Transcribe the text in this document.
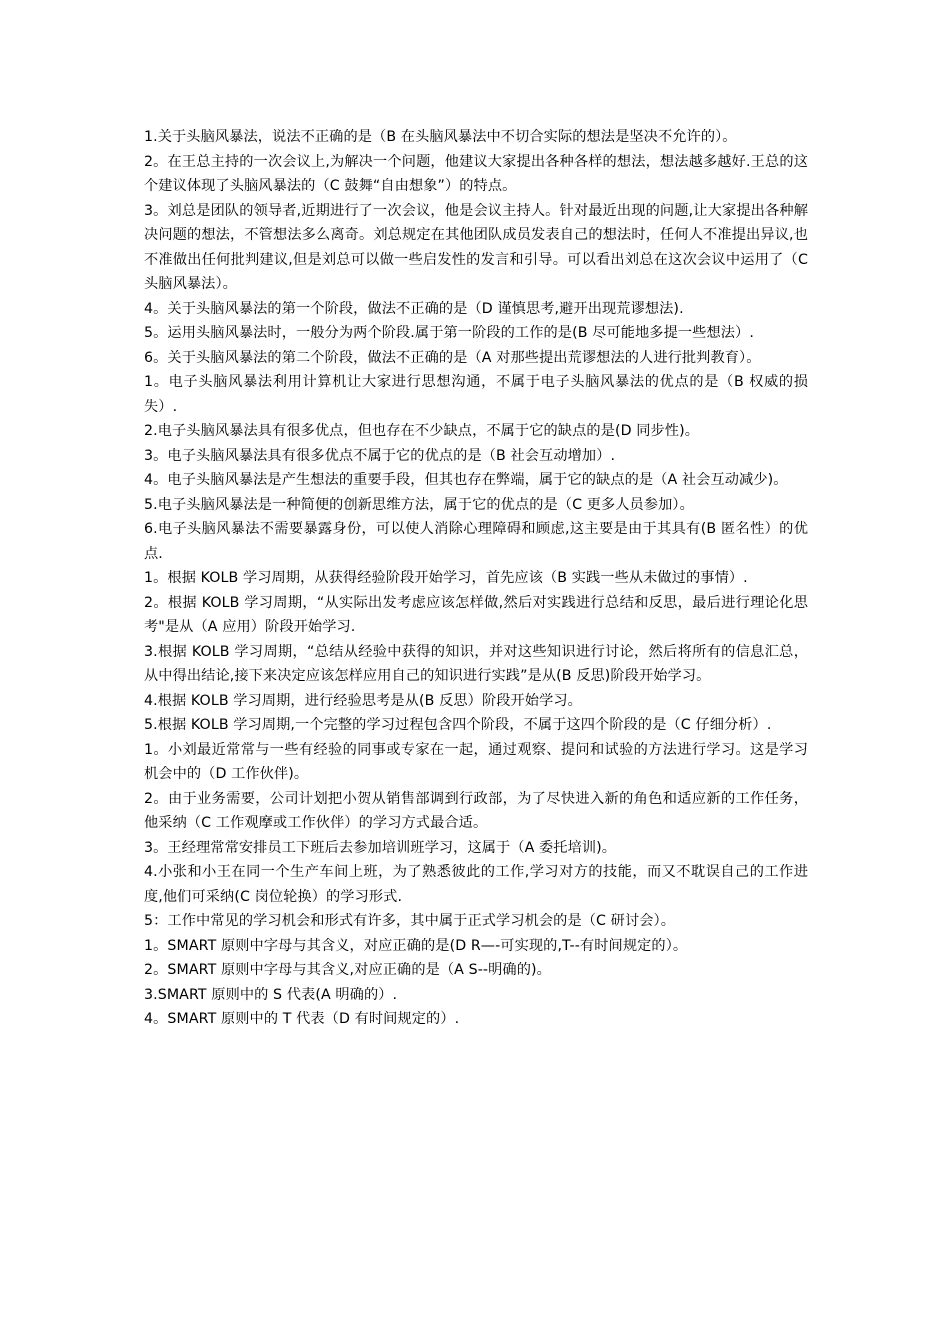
1.关于头脑风暴法，说法不正确的是（B 在头脑风暴法中不切合实际的想法是坚决不允许的）。

2。在王总主持的一次会议上,为解决一个问题，他建议大家提出各种各样的想法，想法越多越好.王总的这个建议体现了头脑风暴法的（C 鼓舞“自由想象”）的特点。

3。刘总是团队的领导者,近期进行了一次会议，他是会议主持人。针对最近出现的问题,让大家提出各种解决问题的想法，不管想法多么离奇。刘总规定在其他团队成员发表自己的想法时，任何人不准提出异议,也不准做出任何批判建议,但是刘总可以做一些启发性的发言和引导。可以看出刘总在这次会议中运用了（C 头脑风暴法）。

4。关于头脑风暴法的第一个阶段，做法不正确的是（D 谨慎思考,避开出现荒谬想法).

5。运用头脑风暴法时，一般分为两个阶段.属于第一阶段的工作的是(B 尽可能地多提一些想法）.

6。关于头脑风暴法的第二个阶段，做法不正确的是（A 对那些提出荒谬想法的人进行批判教育）。

1。电子头脑风暴法利用计算机让大家进行思想沟通，不属于电子头脑风暴法的优点的是（B 权威的损失）.

2.电子头脑风暴法具有很多优点，但也存在不少缺点，不属于它的缺点的是(D 同步性)。

3。电子头脑风暴法具有很多优点不属于它的优点的是（B 社会互动增加）.

4。电子头脑风暴法是产生想法的重要手段，但其也存在弊端，属于它的缺点的是（A 社会互动减少)。

5.电子头脑风暴法是一种简便的创新思维方法，属于它的优点的是（C 更多人员参加）。

6.电子头脑风暴法不需要暴露身份，可以使人消除心理障碍和顾虑,这主要是由于其具有(B 匿名性）的优点.

1。根据 KOLB 学习周期，从获得经验阶段开始学习，首先应该（B 实践一些从未做过的事情）.

2。根据 KOLB 学习周期，“从实际出发考虑应该怎样做,然后对实践进行总结和反思，最后进行理论化思考"是从（A 应用）阶段开始学习.

3.根据 KOLB 学习周期，“总结从经验中获得的知识，并对这些知识进行讨论，然后将所有的信息汇总，从中得出结论,接下来决定应该怎样应用自己的知识进行实践”是从(B 反思)阶段开始学习。

4.根据 KOLB 学习周期，进行经验思考是从(B 反思）阶段开始学习。

5.根据 KOLB 学习周期,一个完整的学习过程包含四个阶段，不属于这四个阶段的是（C 仔细分析）.

1。小刘最近常常与一些有经验的同事或专家在一起，通过观察、提问和试验的方法进行学习。这是学习机会中的（D 工作伙伴)。

2。由于业务需要，公司计划把小贺从销售部调到行政部，为了尽快进入新的角色和适应新的工作任务，他采纳（C 工作观摩或工作伙伴）的学习方式最合适。

3。王经理常常安排员工下班后去参加培训班学习，这属于（A 委托培训)。

4.小张和小王在同一个生产车间上班，为了熟悉彼此的工作,学习对方的技能，而又不耽误自己的工作进度,他们可采纳(C 岗位轮换）的学习形式.

5：工作中常见的学习机会和形式有许多，其中属于正式学习机会的是（C 研讨会）。

1。SMART 原则中字母与其含义，对应正确的是(D R—-可实现的,T--有时间规定的）。

2。SMART 原则中字母与其含义,对应正确的是（A S--明确的)。

3.SMART 原则中的 S 代表(A 明确的）.

4。SMART 原则中的 T 代表（D 有时间规定的）.
